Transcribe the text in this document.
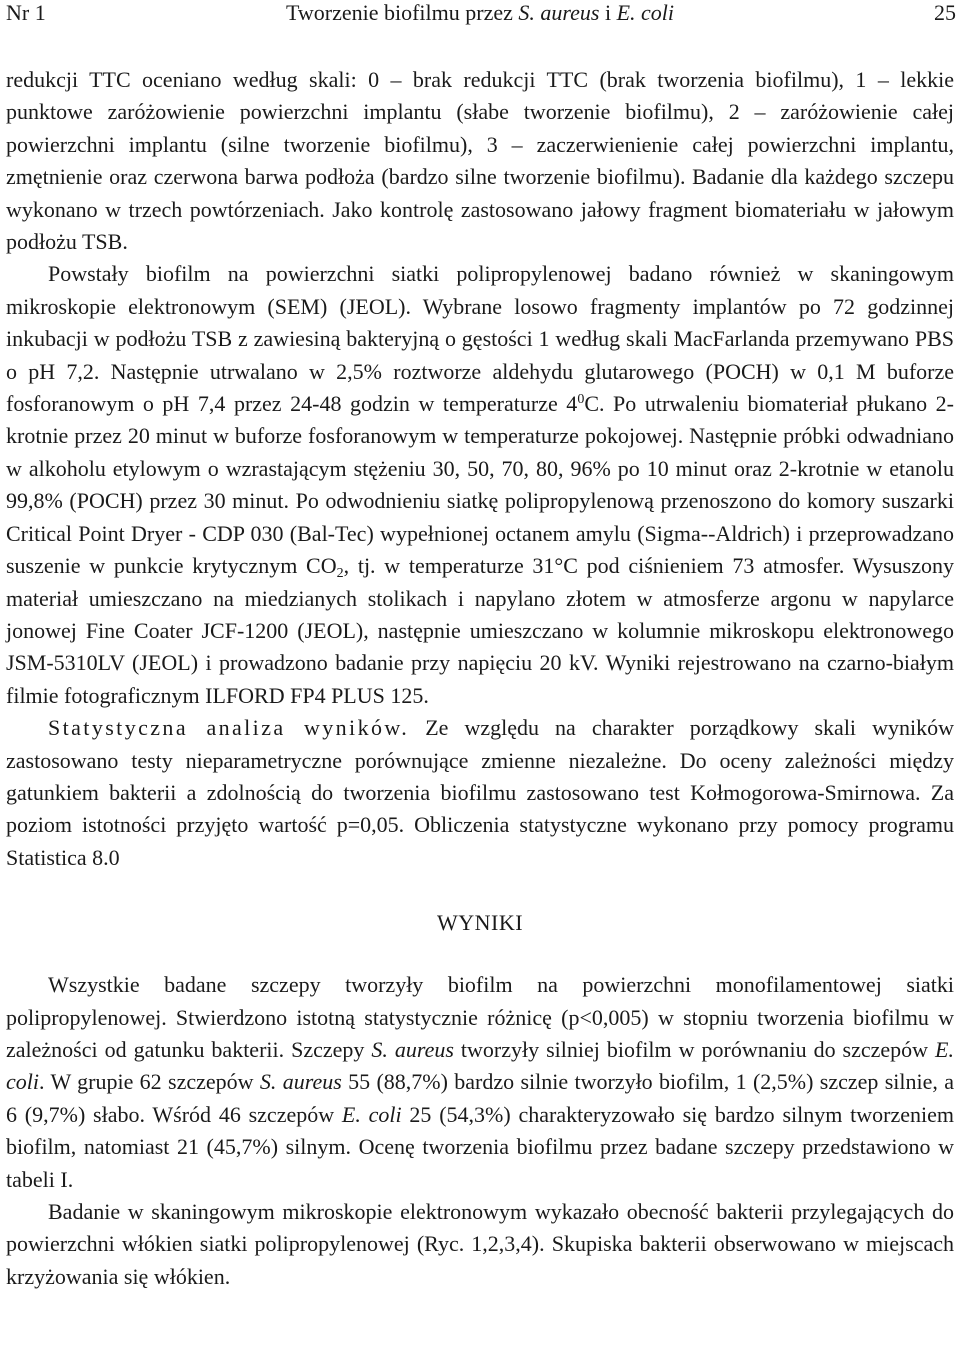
Nr 1	Tworzenie biofilmu przez S. aureus i E. coli	25

redukcji TTC oceniano według skali: 0 – brak redukcji TTC (brak tworzenia biofilmu), 1 – lekkie punktowe zaróżowienie powierzchni implantu (słabe tworzenie biofilmu), 2 – zaróżowienie całej powierzchni implantu (silne tworzenie biofilmu), 3 – zaczerwienienie całej powierzchni implantu, zmętnienie oraz czerwona barwa podłoża (bardzo silne tworzenie biofilmu). Badanie dla każdego szczepu wykonano w trzech powtórzeniach. Jako kontrolę zastosowano jałowy fragment biomateriału w jałowym podłożu TSB.

Powstały biofilm na powierzchni siatki polipropylenowej badano również w skaningowym mikroskopie elektronowym (SEM) (JEOL). Wybrane losowo fragmenty implantów po 72 godzinnej inkubacji w podłożu TSB z zawiesiną bakteryjną o gęstości 1 według skali MacFarlanda przemywano PBS o pH 7,2. Następnie utrwalano w 2,5% roztworze aldehydu glutarowego (POCH) w 0,1 M buforze fosforanowym o pH 7,4 przez 24-48 godzin w temperaturze $4^0C$. Po utrwaleniu biomateriał płukano 2-krotnie przez 20 minut w buforze fosforanowym w temperaturze pokojowej. Następnie próbki odwadniano w alkoholu etylowym o wzrastającym stężeniu 30, 50, 70, 80, 96% po 10 minut oraz 2-krotnie w etanolu 99,8% (POCH) przez 30 minut. Po odwodnieniu siatkę polipropylenową przenoszono do komory suszarki Critical Point Dryer - CDP 030 (Bal-Tec) wypełnionej octanem amylu (Sigma--Aldrich) i przeprowadzano suszenie w punkcie krytycznym $CO_2$, tj. w temperaturze 31°C pod ciśnieniem 73 atmosfer. Wysuszony materiał umieszczano na miedzianych stolikach i napylano złotem w atmosferze argonu w napylarce jonowej Fine Coater JCF-1200 (JEOL), następnie umieszczano w kolumnie mikroskopu elektronowego JSM-5310LV (JEOL) i prowadzono badanie przy napięciu 20 kV. Wyniki rejestrowano na czarno-białym filmie fotograficznym ILFORD FP4 PLUS 125.

Statystyczna analiza wyników. Ze względu na charakter porządkowy skali wyników zastosowano testy nieparametryczne porównujące zmienne niezależne. Do oceny zależności między gatunkiem bakterii a zdolnością do tworzenia biofilmu zastosowano test Kołmogorowa-Smirnowa. Za poziom istotności przyjęto wartość p=0,05. Obliczenia statystyczne wykonano przy pomocy programu Statistica 8.0

WYNIKI

Wszystkie badane szczepy tworzyły biofilm na powierzchni monofilamentowej siatki polipropylenowej. Stwierdzono istotną statystycznie różnicę (p<0,005) w stopniu tworzenia biofilmu w zależności od gatunku bakterii. Szczepy S. aureus tworzyły silniej biofilm w porównaniu do szczepów E. coli. W grupie 62 szczepów S. aureus 55 (88,7%) bardzo silnie tworzyło biofilm, 1 (2,5%) szczep silnie, a 6 (9,7%) słabo. Wśród 46 szczepów E. coli 25 (54,3%) charakteryzowało się bardzo silnym tworzeniem biofilm, natomiast 21 (45,7%) silnym. Ocenę tworzenia biofilmu przez badane szczepy przedstawiono w tabeli I.

Badanie w skaningowym mikroskopie elektronowym wykazało obecność bakterii przylegających do powierzchni włókien siatki polipropylenowej (Ryc. 1,2,3,4). Skupiska bakterii obserwowano w miejscach krzyżowania się włókien.
